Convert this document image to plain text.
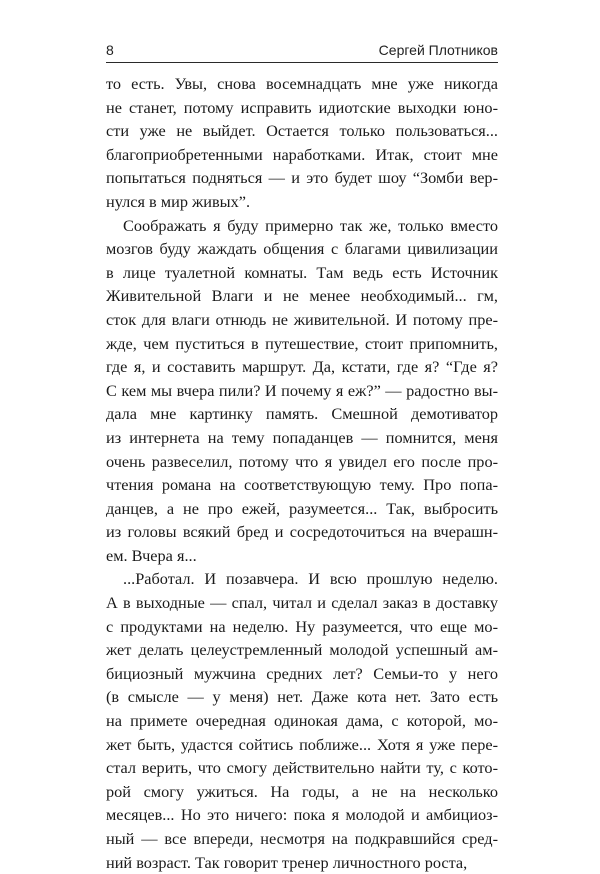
8	Сергей Плотников
то есть. Увы, снова восемнадцать мне уже никогда
не станет, потому исправить идиотские выходки юно-
сти уже не выйдет. Остается только пользоваться...
благоприобретенными наработками. Итак, стоит мне
попытаться подняться — и это будет шоу “Зомби вер-
нулся в мир живых”.
Соображать я буду примерно так же, только вместо
мозгов буду жаждать общения с благами цивилизации
в лице туалетной комнаты. Там ведь есть Источник
Живительной Влаги и не менее необходимый... гм,
сток для влаги отнюдь не живительной. И потому пре-
жде, чем пуститься в путешествие, стоит припомнить,
где я, и составить маршрут. Да, кстати, где я? “Где я?
С кем мы вчера пили? И почему я еж?” — радостно вы-
дала мне картинку память. Смешной демотиватор
из интернета на тему попаданцев — помнится, меня
очень развеселил, потому что я увидел его после про-
чтения романа на соответствующую тему. Про попа-
данцев, а не про ежей, разумеется... Так, выбросить
из головы всякий бред и сосредоточиться на вчерашн-
ем. Вчера я...
...Работал. И позавчера. И всю прошлую неделю.
А в выходные — спал, читал и сделал заказ в доставку
с продуктами на неделю. Ну разумеется, что еще мо-
жет делать целеустремленный молодой успешный ам-
бициозный мужчина средних лет? Семьи-то у него
(в смысле — у меня) нет. Даже кота нет. Зато есть
на примете очередная одинокая дама, с которой, мо-
жет быть, удастся сойтись поближе... Хотя я уже пере-
стал верить, что смогу действительно найти ту, с кото-
рой смогу ужиться. На годы, а не на несколько
месяцев... Но это ничего: пока я молодой и амбициоз-
ный — все впереди, несмотря на подкравшийся сред-
ний возраст. Так говорит тренер личностного роста,
